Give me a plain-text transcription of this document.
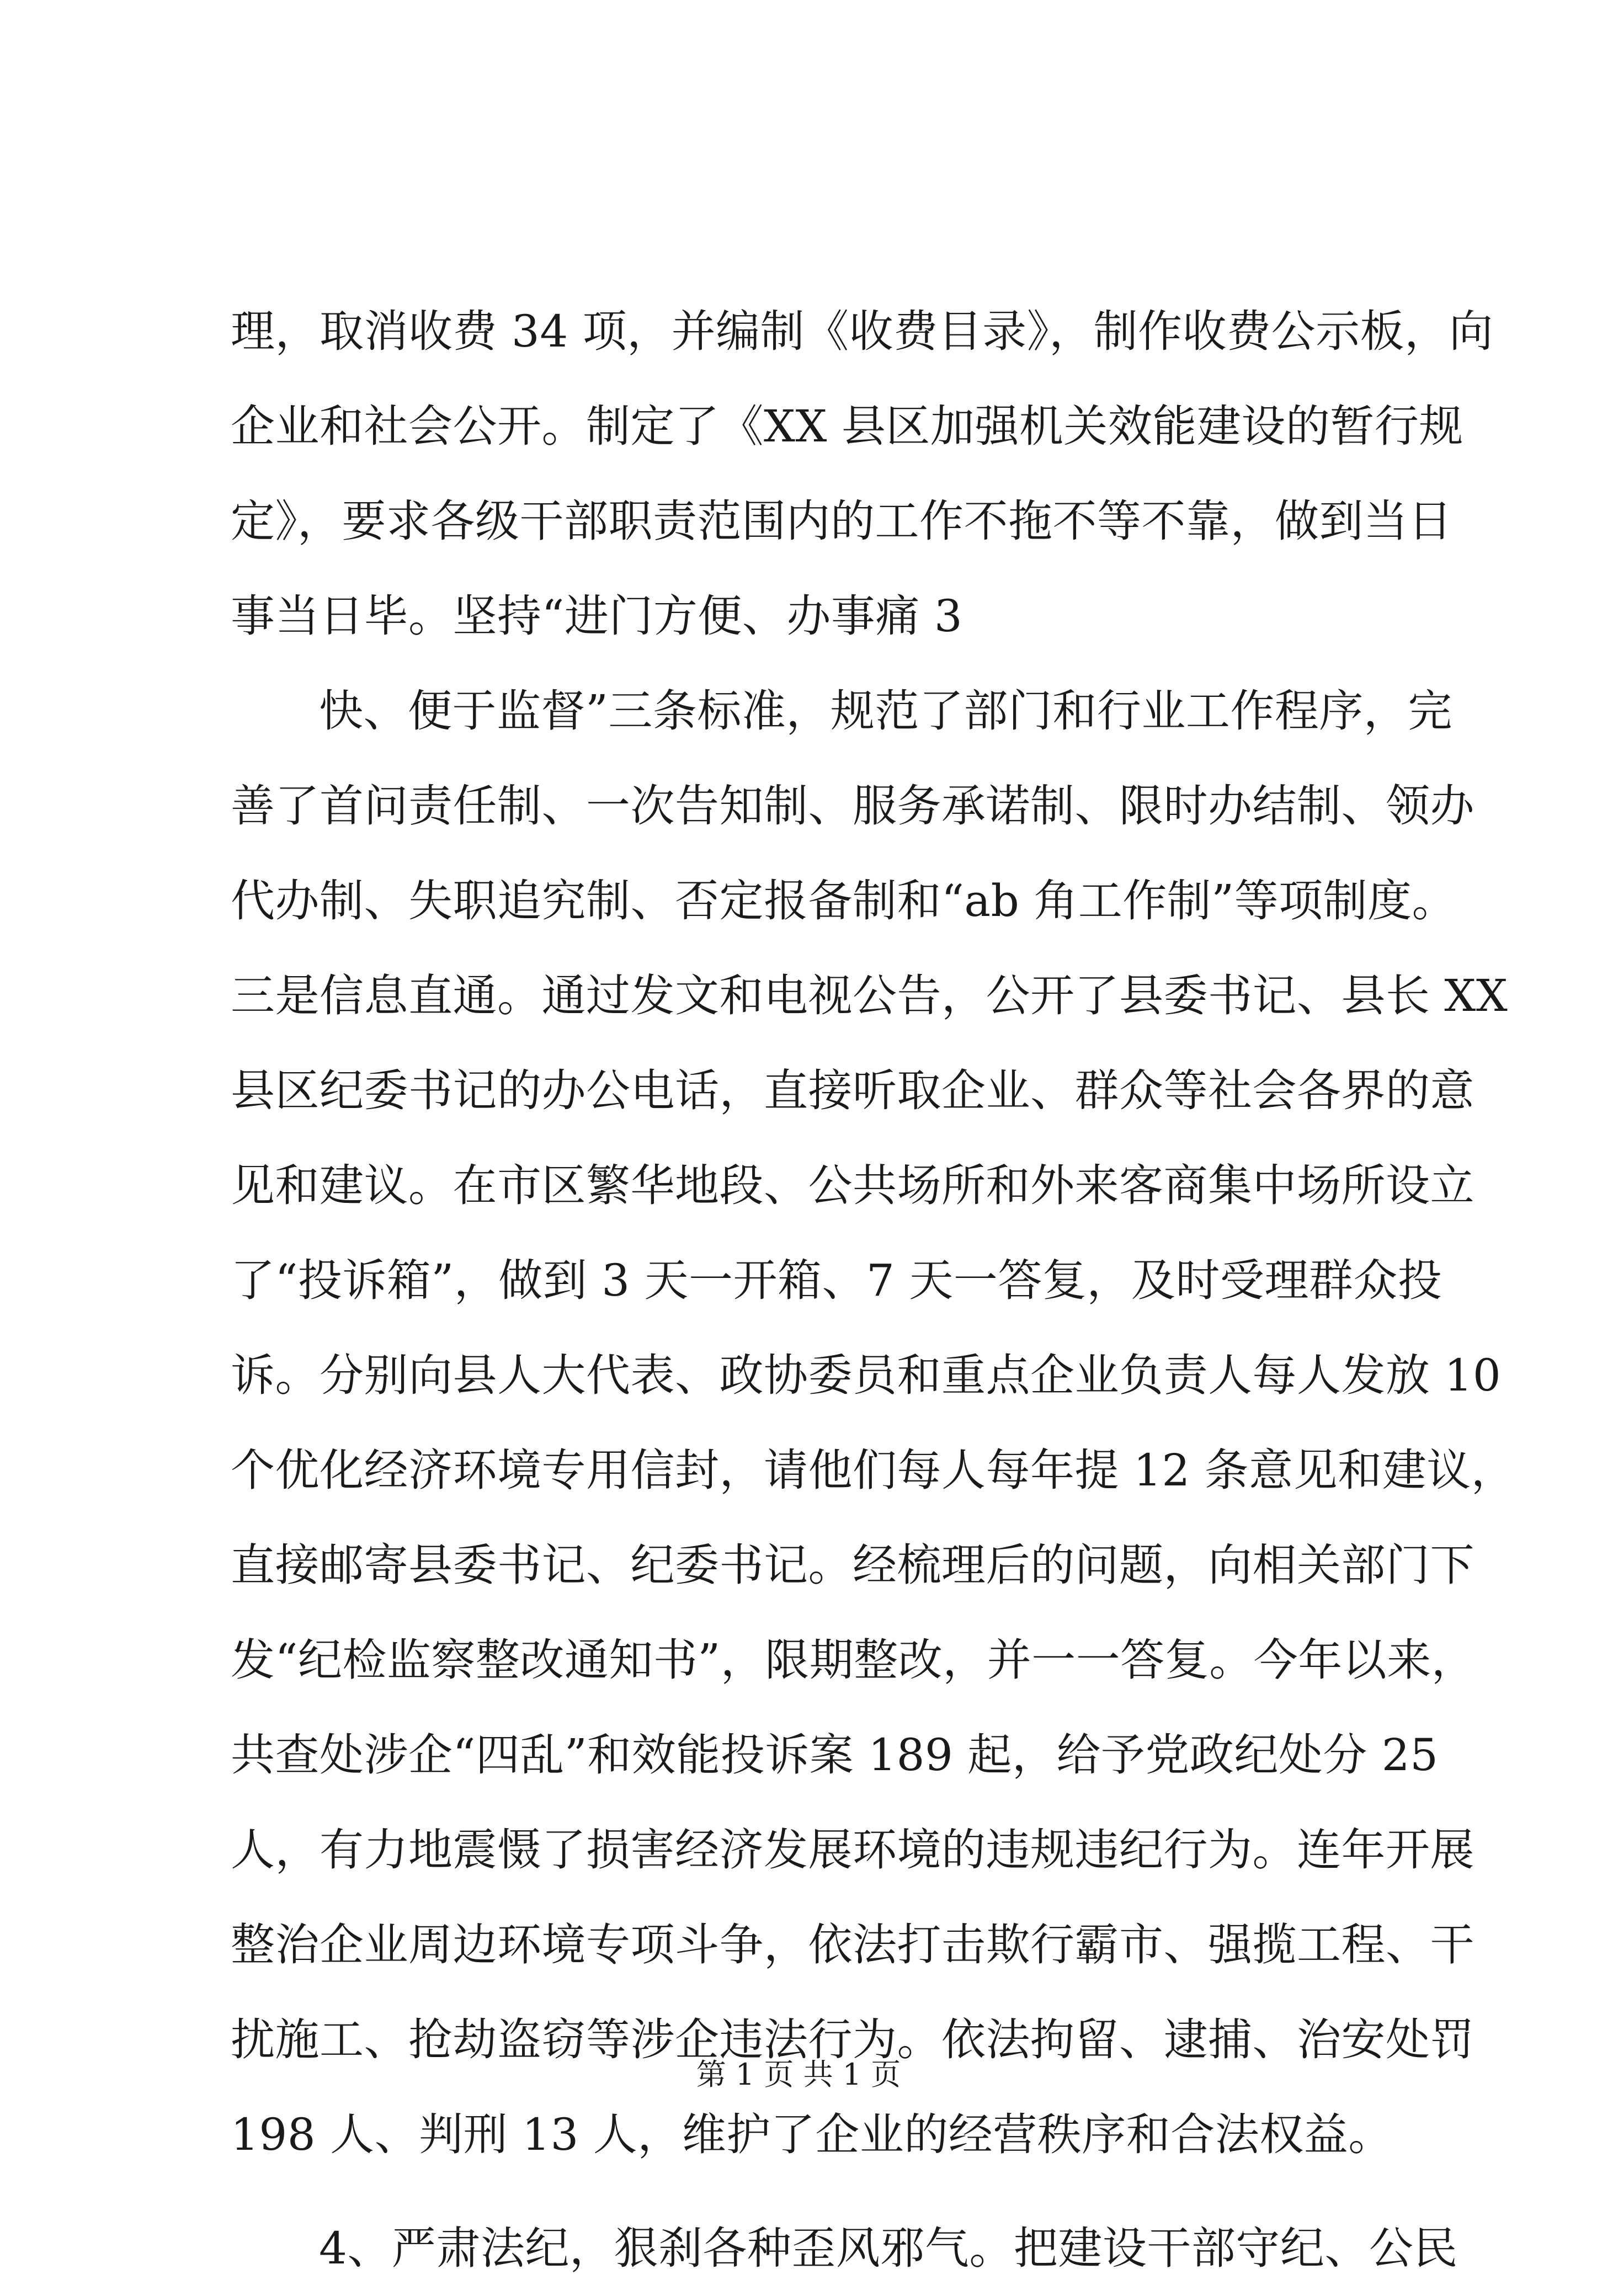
理，取消收费 34 项，并编制《收费目录》，制作收费公示板，向
企业和社会公开。制定了《XX 县区加强机关效能建设的暂行规
定》，要求各级干部职责范围内的工作不拖不等不靠，做到当日
事当日毕。坚持“进门方便、办事痛 3
快、便于监督”三条标准，规范了部门和行业工作程序，完
善了首问责任制、一次告知制、服务承诺制、限时办结制、领办
代办制、失职追究制、否定报备制和“ab 角工作制”等项制度。
三是信息直通。通过发文和电视公告，公开了县委书记、县长 XX
县区纪委书记的办公电话，直接听取企业、群众等社会各界的意
见和建议。在市区繁华地段、公共场所和外来客商集中场所设立
了“投诉箱”，做到 3 天一开箱、7 天一答复，及时受理群众投
诉。分别向县人大代表、政协委员和重点企业负责人每人发放 10
个优化经济环境专用信封，请他们每人每年提 12 条意见和建议，
直接邮寄县委书记、纪委书记。经梳理后的问题，向相关部门下
发“纪检监察整改通知书”，限期整改，并一一答复。今年以来，
共查处涉企“四乱”和效能投诉案 189 起，给予党政纪处分 25
人，有力地震慑了损害经济发展环境的违规违纪行为。连年开展
整治企业周边环境专项斗争，依法打击欺行霸市、强揽工程、干
扰施工、抢劫盗窃等涉企违法行为。依法拘留、逮捕、治安处罚
198 人、判刑 13 人，维护了企业的经营秩序和合法权益。
4、严肃法纪，狠刹各种歪风邪气。把建设干部守纪、公民
第 1 页 共 1 页
